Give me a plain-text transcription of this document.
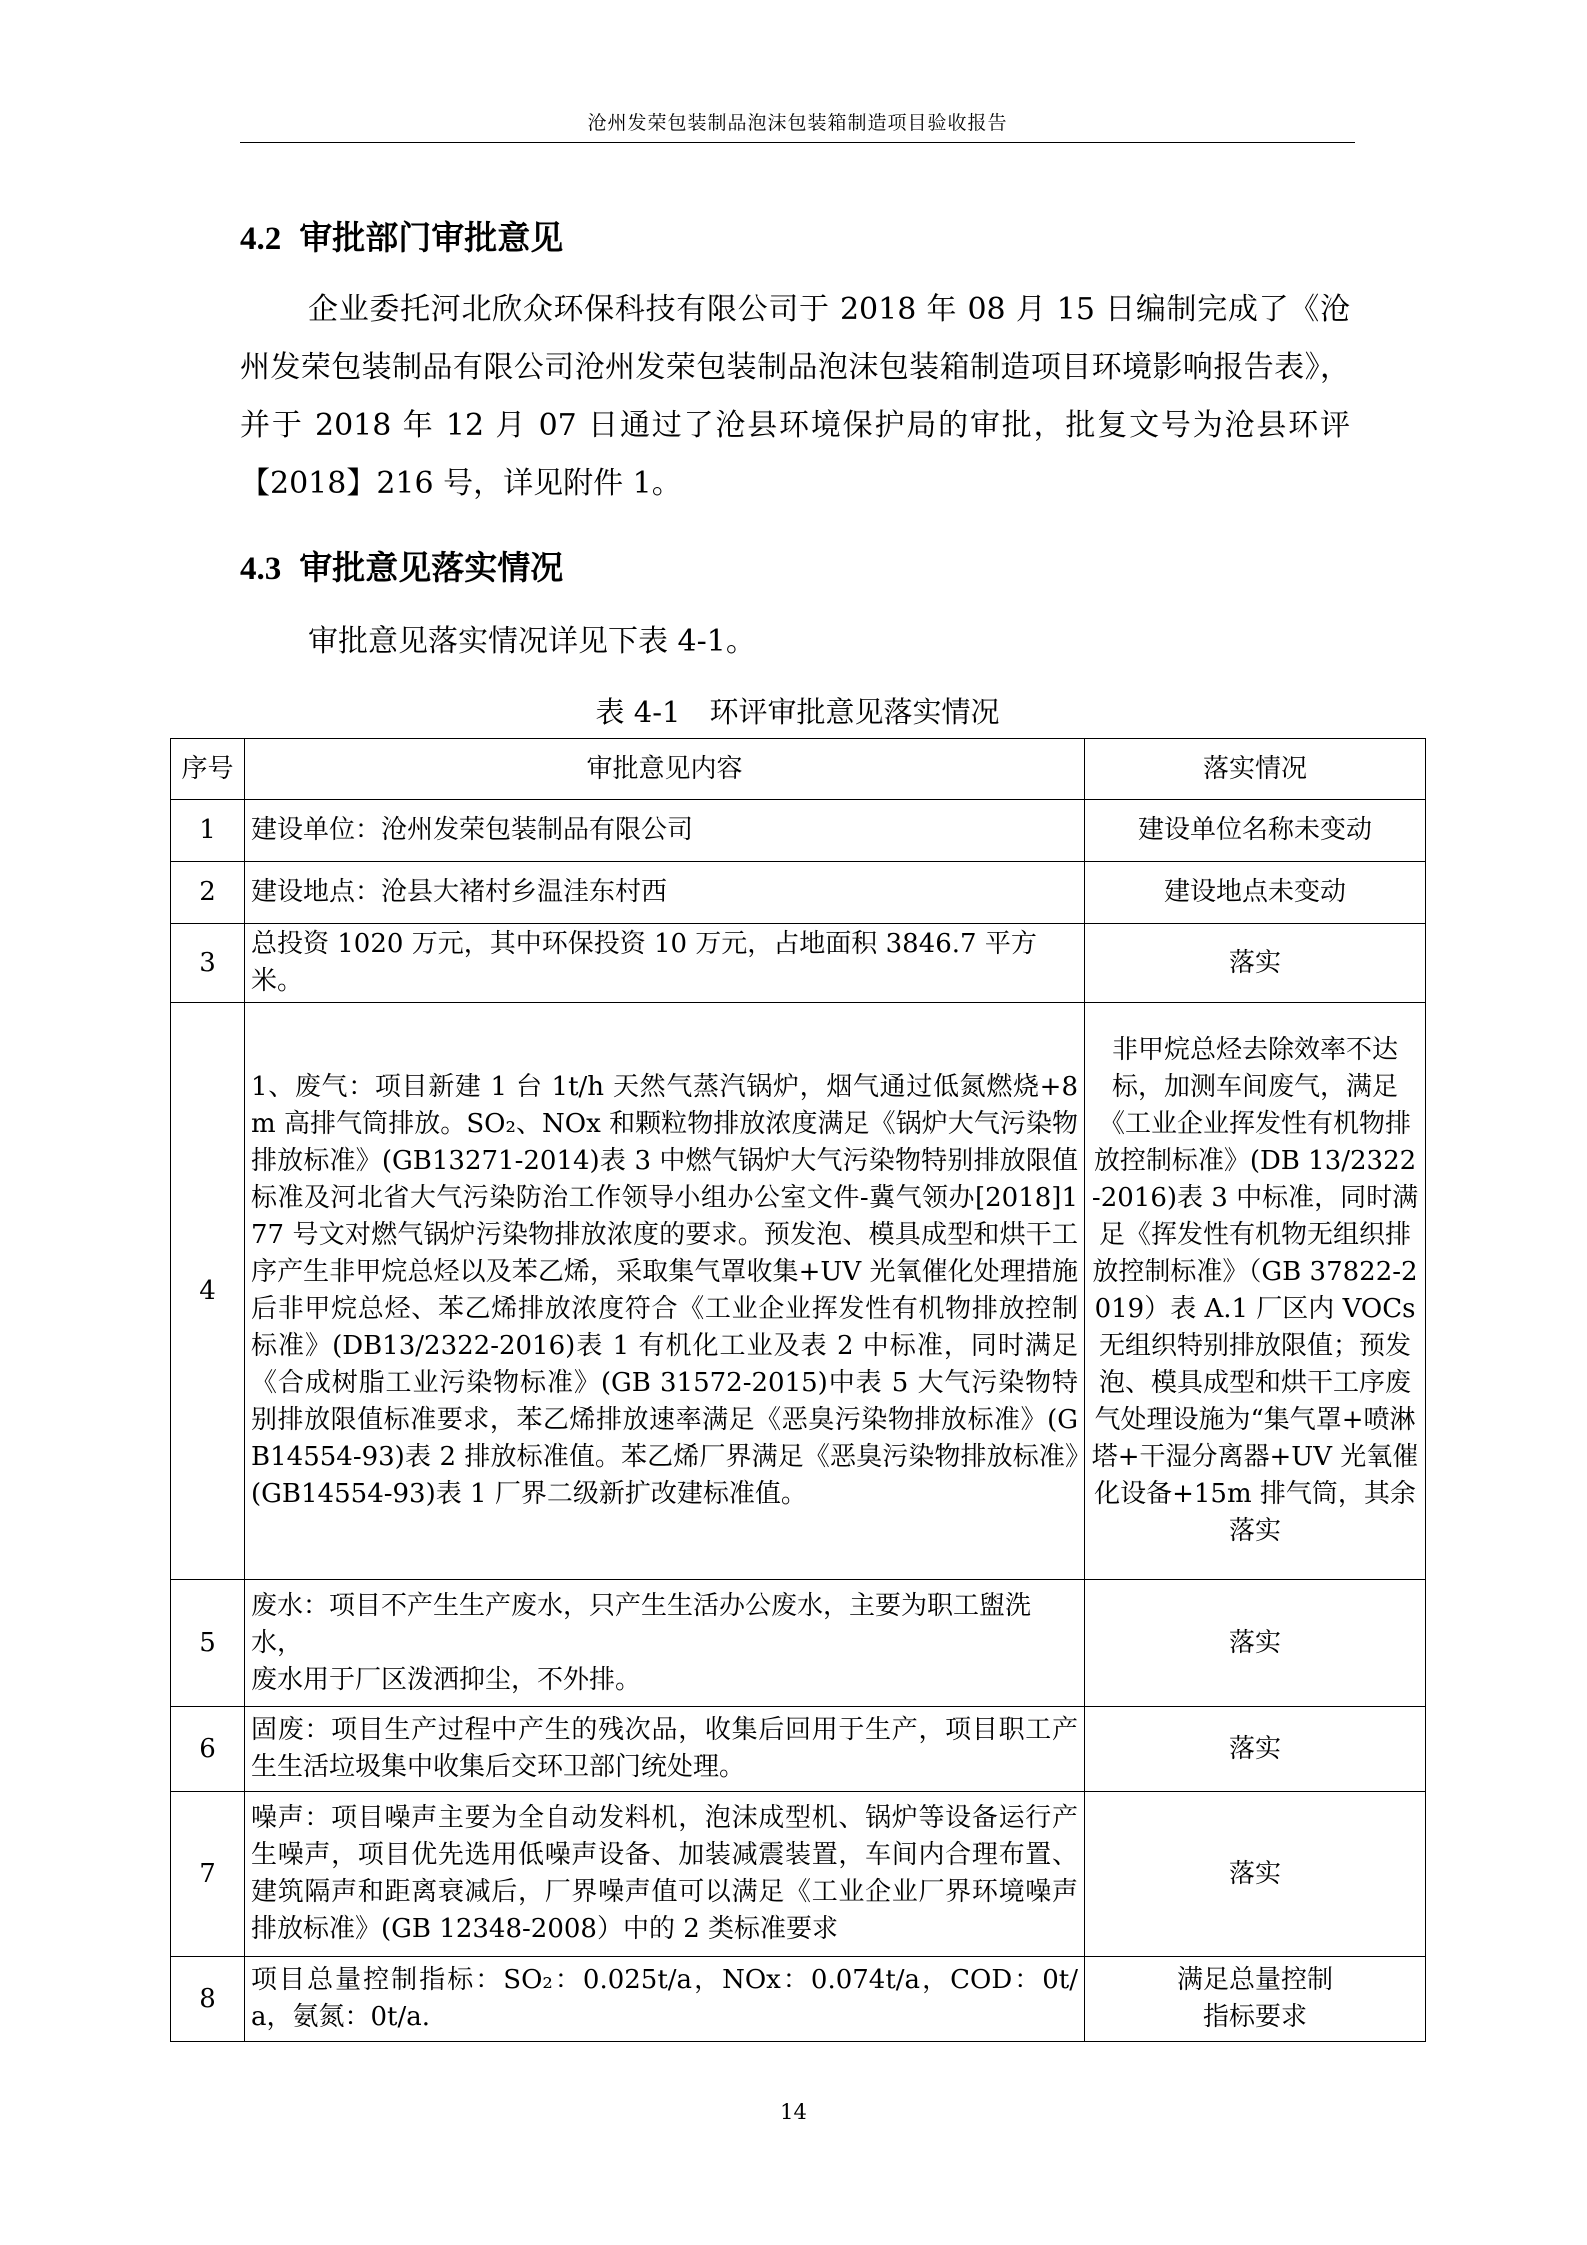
沧州发荣包装制品泡沫包装箱制造项目验收报告
4.2 审批部门审批意见

企业委托河北欣众环保科技有限公司于 2018 年 08 月 15 日编制完成了《沧州发荣包装制品有限公司沧州发荣包装制品泡沫包装箱制造项目环境影响报告表》，并于 2018 年 12 月 07 日通过了沧县环境保护局的审批，批复文号为沧县环评【2018】216 号，详见附件 1。

4.3 审批意见落实情况

审批意见落实情况详见下表 4-1。

表 4-1　环评审批意见落实情况
序号	审批意见内容	落实情况
1	建设单位：沧州发荣包装制品有限公司	建设单位名称未变动
2	建设地点：沧县大褚村乡温洼东村西	建设地点未变动
3	总投资 1020 万元，其中环保投资 10 万元，占地面积 3846.7 平方米。	落实
4	1、废气：项目新建 1 台 1t/h 天然气蒸汽锅炉，烟气通过低氮燃烧+8m 高排气筒排放。SO₂、NOx 和颗粒物排放浓度满足《锅炉大气污染物排放标准》(GB13271-2014)表 3 中燃气锅炉大气污染物特别排放限值标准及河北省大气污染防治工作领导小组办公室文件-冀气领办[2018]177 号文对燃气锅炉污染物排放浓度的要求。预发泡、模具成型和烘干工序产生非甲烷总烃以及苯乙烯，采取集气罩收集+UV 光氧催化处理措施后非甲烷总烃、苯乙烯排放浓度符合《工业企业挥发性有机物排放控制标准》(DB13/2322-2016)表 1 有机化工业及表 2 中标准，同时满足《合成树脂工业污染物标准》(GB 31572-2015)中表 5 大气污染物特别排放限值标准要求，苯乙烯排放速率满足《恶臭污染物排放标准》(GB14554-93)表 2 排放标准值。苯乙烯厂界满足《恶臭污染物排放标准》(GB14554-93)表 1 厂界二级新扩改建标准值。	非甲烷总烃去除效率不达标，加测车间废气，满足《工业企业挥发性有机物排放控制标准》(DB 13/2322-2016)表 3 中标准，同时满足《挥发性有机物无组织排放控制标准》（GB 37822-2019）表 A.1 厂区内 VOCs 无组织特别排放限值；预发泡、模具成型和烘干工序废气处理设施为“集气罩+喷淋塔+干湿分离器+UV 光氧催化设备+15m 排气筒，其余落实
5	废水：项目不产生生产废水，只产生生活办公废水，主要为职工盥洗水，
废水用于厂区泼洒抑尘，不外排。	落实
6	固废：项目生产过程中产生的残次品，收集后回用于生产，项目职工产生生活垃圾集中收集后交环卫部门统处理。	落实
7	噪声：项目噪声主要为全自动发料机，泡沫成型机、锅炉等设备运行产生噪声，项目优先选用低噪声设备、加装减震装置，车间内合理布置、建筑隔声和距离衰减后，厂界噪声值可以满足《工业企业厂界环境噪声排放标准》(GB 12348-2008）中的 2 类标准要求	落实
8	项目总量控制指标：SO₂：0.025t/a，NOx：0.074t/a，COD：0t/a，氨氮：0t/a.	满足总量控制
指标要求
14
